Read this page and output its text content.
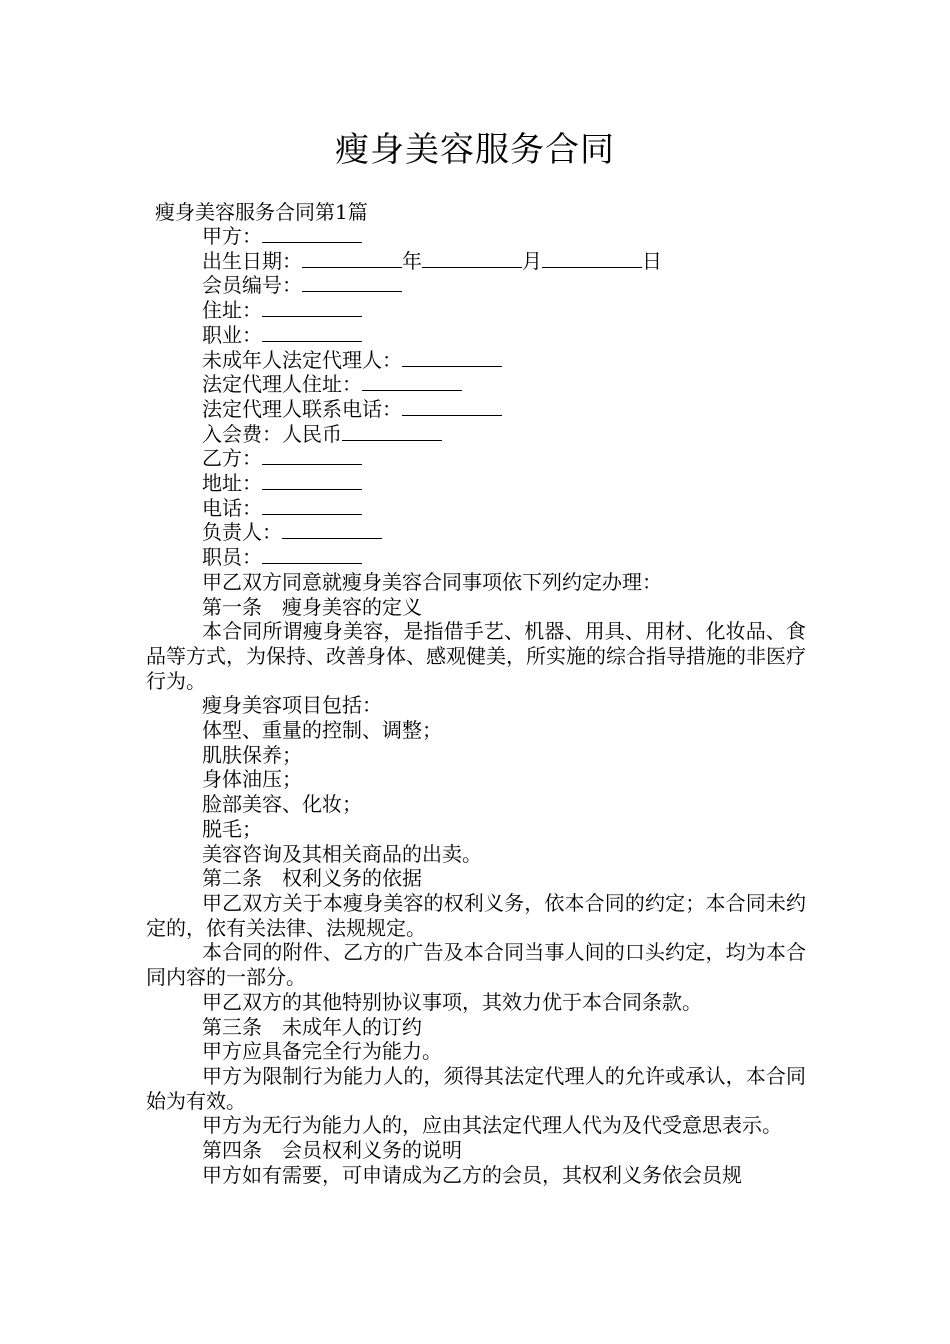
瘦身美容服务合同
瘦身美容服务合同第1篇
甲方：
出生日期：	年	月	日
会员编号：
住址：
职业：
未成年人法定代理人：
法定代理人住址：
法定代理人联系电话：
入会费：人民币
乙方：
地址：
电话：
负责人：
职员：

甲乙双方同意就瘦身美容合同事项依下列约定办理：

第一条 瘦身美容的定义

本合同所谓瘦身美容，是指借手艺、机器、用具、用材、化妆品、食品等方式，为保持、改善身体、感观健美，所实施的综合指导措施的非医疗行为。

瘦身美容项目包括：

体型、重量的控制、调整；

肌肤保养；

身体油压；

脸部美容、化妆；

脱毛；

美容咨询及其相关商品的出卖。

第二条 权利义务的依据

甲乙双方关于本瘦身美容的权利义务，依本合同的约定；本合同未约定的，依有关法律、法规规定。

本合同的附件、乙方的广告及本合同当事人间的口头约定，均为本合同内容的一部分。

甲乙双方的其他特别协议事项，其效力优于本合同条款。

第三条 未成年人的订约

甲方应具备完全行为能力。

甲方为限制行为能力人的，须得其法定代理人的允许或承认，本合同始为有效。

甲方为无行为能力人的，应由其法定代理人代为及代受意思表示。

第四条 会员权利义务的说明

甲方如有需要，可申请成为乙方的会员，其权利义务依会员规
